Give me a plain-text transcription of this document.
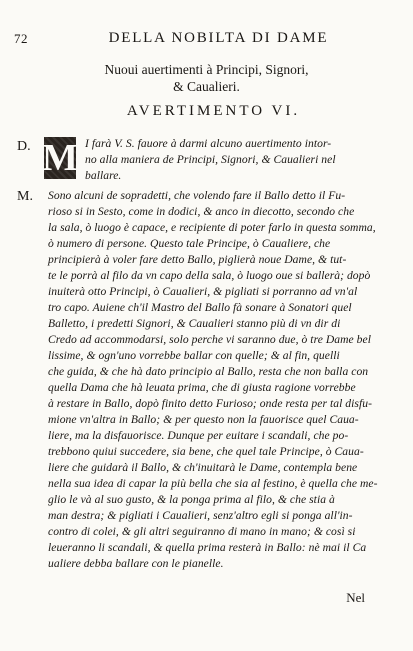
72	DELLA NOBILTA DI DAME
Nuoui auertimenti à Principi, Signori,
& Caualieri.
AVERTIMENTO VI.
D. M
M.
I farà V. S. fauore à darmi alcuno auertimento intor-
no alla maniera de Principi, Signori, & Caualieri nel
ballare.
Sono alcuni de sopradetti, che volendo fare il Ballo detto il Fu-
rioso si in Sesto, come in dodici, & anco in diecotto, secondo che
la sala, ò luogo è capace, e recipiente di poter farlo in questa somma,
ò numero di persone. Questo tale Principe, ò Caualiere, che
principierà à voler fare detto Ballo, piglierà noue Dame, & tut-
te le porrà al filo da vn capo della sala, ò luogo oue si ballerà; dopò
inuiterà otto Principi, ò Caualieri, & pigliati si porranno ad vn'al
tro capo. Auiene ch'il Mastro del Ballo fà sonare à Sonatori quel
Balletto, i predetti Signori, & Caualieri stanno più di vn dir di
Credo ad accommodarsi, solo perche vi saranno due, ò tre Dame bel
lissime, & ogn'uno vorrebbe ballar con quelle; & al fin, quelli
che guida, & che hà dato principio al Ballo, resta che non balla con
quella Dama che hà leuata prima, che di giusta ragione vorrebbe
à restare in Ballo, dopò finito detto Furioso; onde resta per tal disfu-
mione vn'altra in Ballo; & per questo non la fauorisce quel Caua-
liere, ma la disfauorisce. Dunque per euitare i scandali, che po-
trebbono quiui succedere, sia bene, che quel tale Principe, ò Caua-
liere che guidarà il Ballo, & ch'inuitarà le Dame, contempla bene
nella sua idea di capar la più bella che sia al festino, è quella che me-
glio le và al suo gusto, & la ponga prima al filo, & che stia à
man destra; & pigliati i Caualieri, senz'altro egli si ponga all'in-
contro di colei, & gli altri seguiranno di mano in mano; & così si
leueranno li scandali, & quella prima resterà in Ballo: nè mai il Ca
ualiere debba ballare con le pianelle.
Nel
